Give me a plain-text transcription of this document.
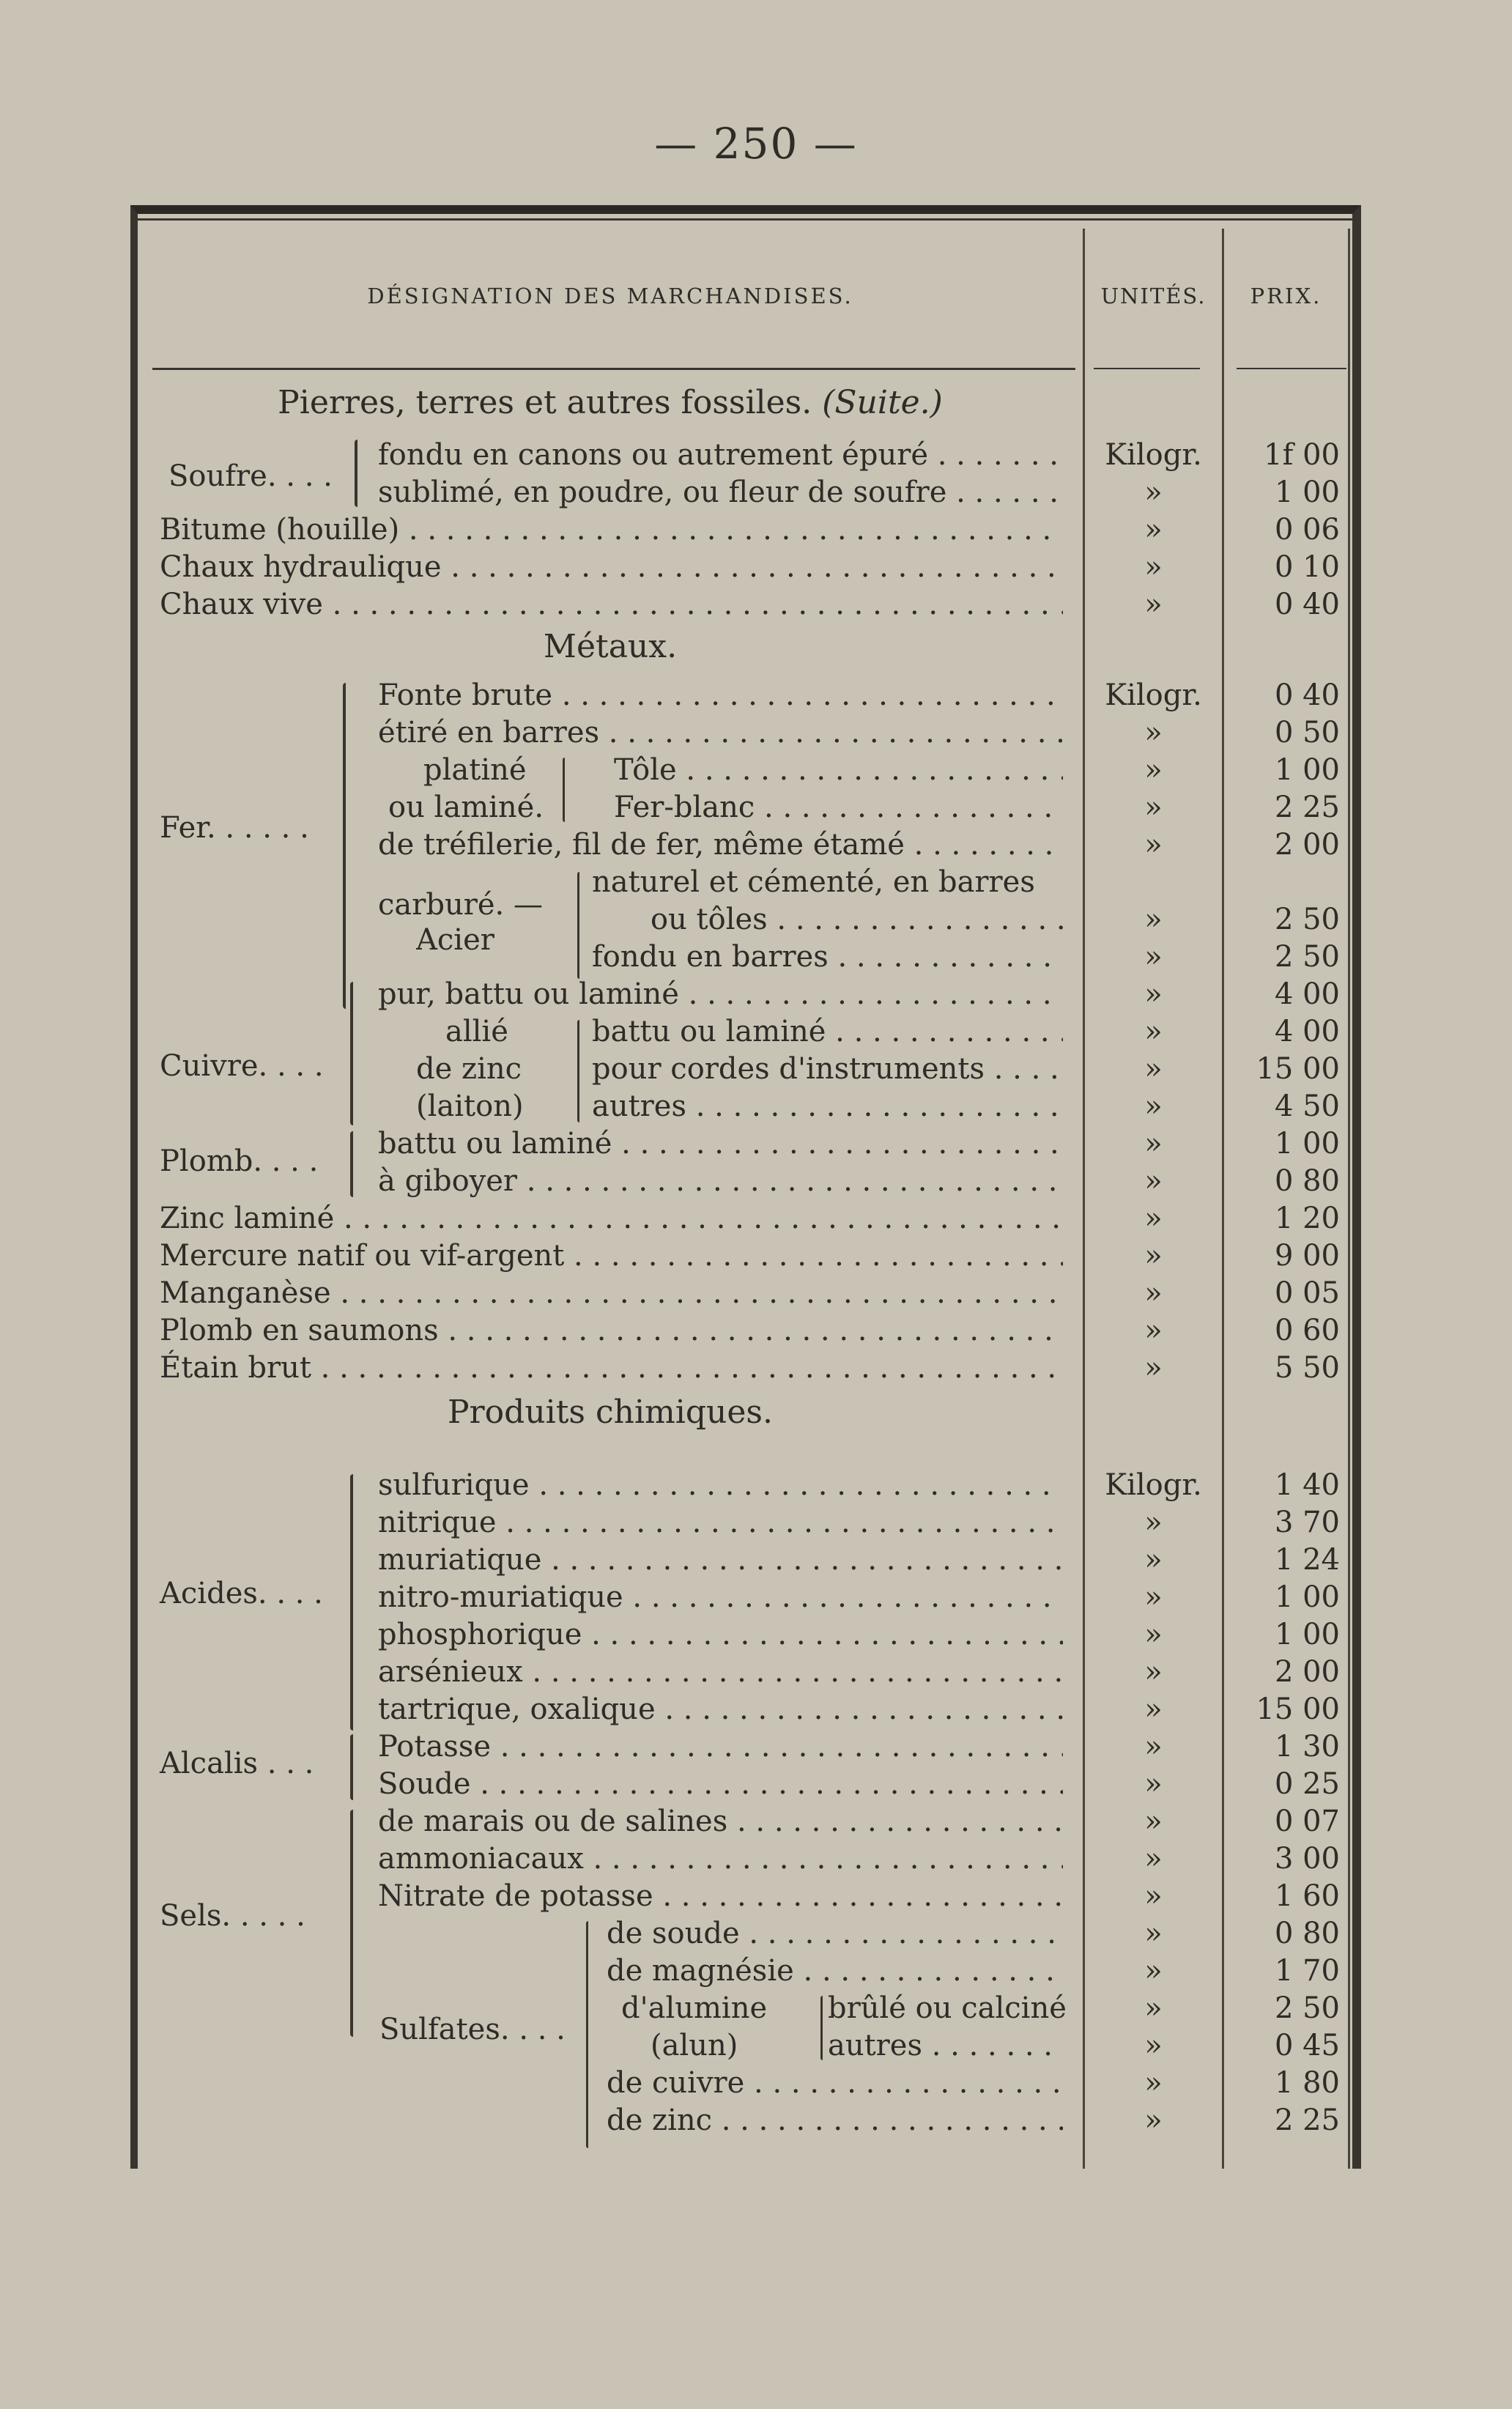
— 250 —
DÉSIGNATION DES MARCHANDISES.	UNITÉS.	PRIX.
Pierres, terres et autres fossiles. (Suite.)
Soufre. . . .
fondu en canons ou autrement épuré . . .	Kilogr.	1f 00
sublimé, en poudre, ou fleur de soufre . . .	»	1 00
Bitume (houille) . . .	»	0 06
Chaux hydraulique . . .	»	0 10
Chaux vive . . .	»	0 40
Métaux.
Fer. . . . . .
Fonte brute . . .	Kilogr.	0 40
étiré en barres . . .	»	0 50
platiné
ou laminé.
Tôle . . .	»	1 00
Fer-blanc . . .	»	2 25
de tréfilerie, fil de fer, même étamé . . .	»	2 00
carburé. —
Acier
naturel et cémenté, en barres
ou tôles . . .	»	2 50
fondu en barres . . .	»	2 50
Cuivre. . . .
pur, battu ou laminé . . .	»	4 00
allié
de zinc
(laiton)
battu ou laminé . . .	»	4 00
pour cordes d'instruments . . .	»	15 00
autres . . .	»	4 50
Plomb. . . .
battu ou laminé . . .	»	1 00
à giboyer . . .	»	0 80
Zinc laminé . . .	»	1 20
Mercure natif ou vif-argent . . .	»	9 00
Manganèse . . .	»	0 05
Plomb en saumons . . .	»	0 60
Étain brut . . .	»	5 50
Produits chimiques.
Acides. . . .
sulfurique . . .	Kilogr.	1 40
nitrique . . .	»	3 70
muriatique . . .	»	1 24
nitro-muriatique . . .	»	1 00
phosphorique . . .	»	1 00
arsénieux . . .	»	2 00
tartrique, oxalique . . .	»	15 00
Alcalis . . . Potasse . . .	»	1 30
Soude . . .	»	0 25
Sels. . . . .
de marais ou de salines . . .	»	0 07
ammoniacaux . . .	»	3 00
Nitrate de potasse . . .	»	1 60
Sulfates. . . .
de soude . . .	»	0 80
de magnésie . . .	»	1 70
d'alumine
(alun)
brûlé ou calciné	»	2 50
autres . . .	»	0 45
de cuivre . . .	»	1 80
de zinc . . .	»	2 25
